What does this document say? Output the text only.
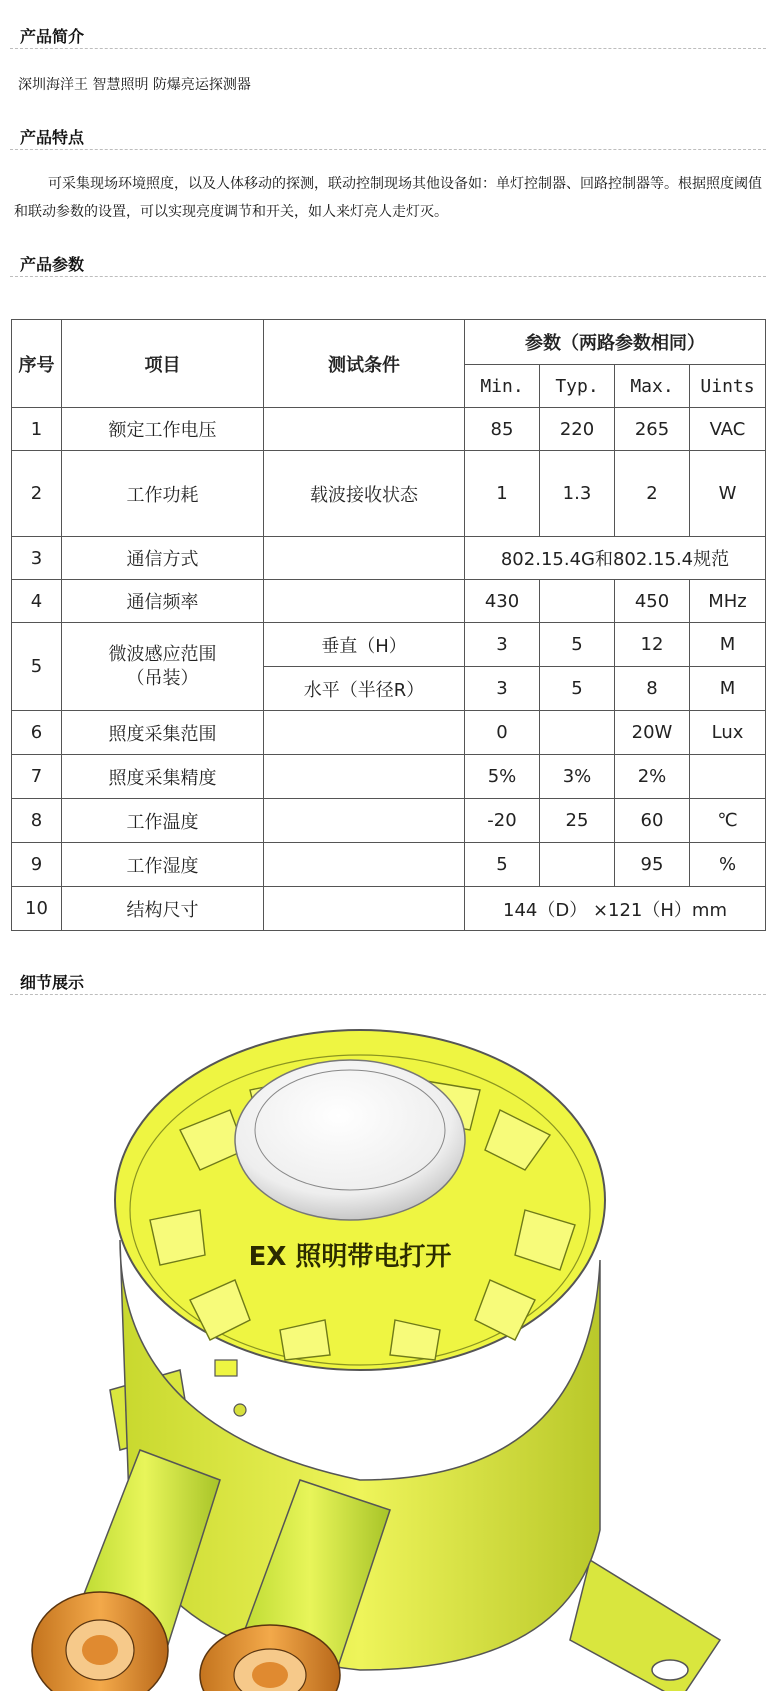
产品简介
深圳海洋王 智慧照明 防爆亮运探测器
产品特点

可采集现场环境照度，以及人体移动的探测，联动控制现场其他设备如：单灯控制器、回路控制器等。根据照度阈值和联动参数的设置，可以实现亮度调节和开关，如人来灯亮人走灯灭。

产品参数
序号	项目	测试条件	参数（两路参数相同）			
			Min.	Typ.	Max.	Uints
1	额定工作电压		85	220	265	VAC
2	工作功耗	载波接收状态	1	1.3	2	W
3	通信方式		802.15.4G和802.15.4规范			
4	通信频率		430		450	MHz
5	微波感应范围（吊装）	垂直（H）	3	5	12	M
		水平（半径R）	3	5	8	M
6	照度采集范围		0		20W	Lux
7	照度采集精度		5%	3%	2%	
8	工作温度		-20	25	60	℃
9	工作湿度		5		95	%
10	结构尺寸		144（D） ×121（H）mm			
细节展示
EX 照明带电打开
